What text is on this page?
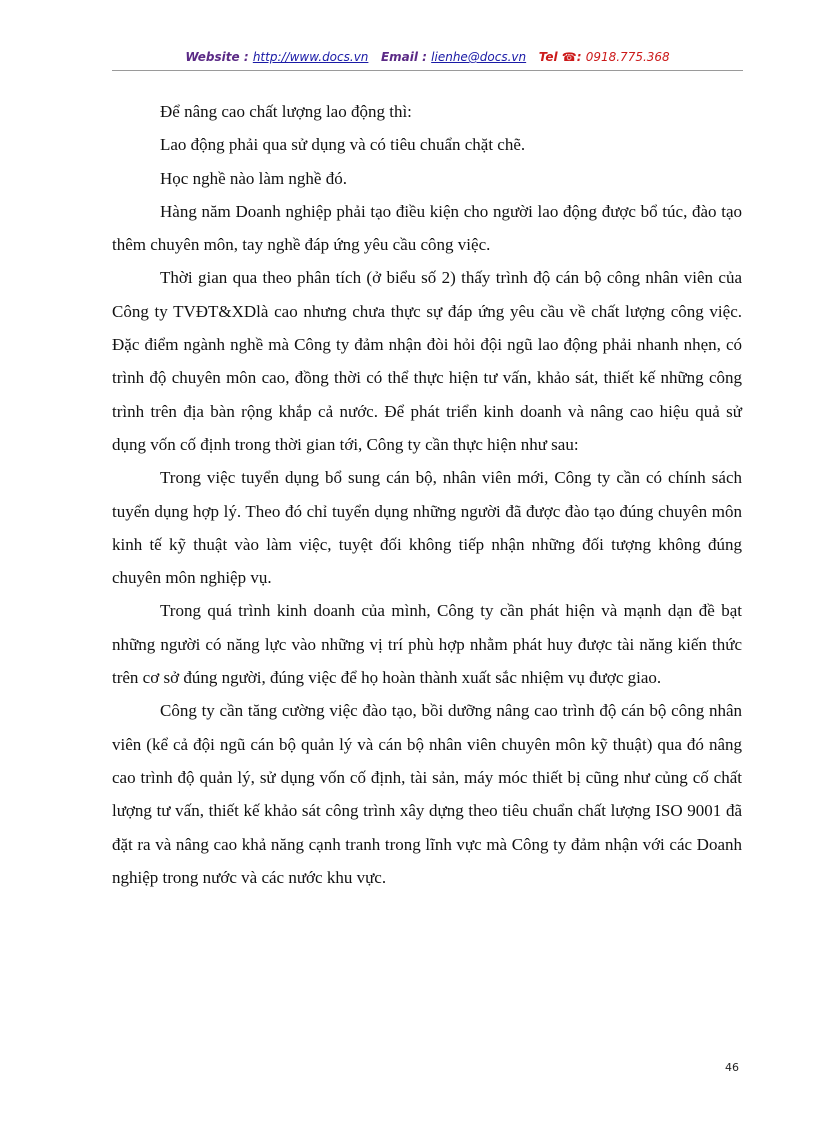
Website : http://www.docs.vn Email : lienhe@docs.vn Tel ☎: 0918.775.368

Để nâng cao chất lượng lao động thì:

Lao động phải qua sử dụng và có tiêu chuẩn chặt chẽ.

Học nghề nào làm nghề đó.

Hàng năm Doanh nghiệp phải tạo điều kiện cho người lao động được bổ túc, đào tạo thêm chuyên môn, tay nghề đáp ứng yêu cầu công việc.

Thời gian qua theo phân tích (ở biểu số 2) thấy trình độ cán bộ công nhân viên của Công ty TVĐT&XDlà cao nhưng chưa thực sự đáp ứng yêu cầu về chất lượng công việc. Đặc điểm ngành nghề mà Công ty đảm nhận đòi hỏi đội ngũ lao động phải nhanh nhẹn, có trình độ chuyên môn cao, đồng thời có thể thực hiện tư vấn, khảo sát, thiết kế những công trình trên địa bàn rộng khắp cả nước. Để phát triển kinh doanh và nâng cao hiệu quả sử dụng vốn cố định trong thời gian tới, Công ty cần thực hiện như sau:

Trong việc tuyển dụng bổ sung cán bộ, nhân viên mới, Công ty cần có chính sách tuyển dụng hợp lý. Theo đó chỉ tuyển dụng những người đã được đào tạo đúng chuyên môn kinh tế kỹ thuật vào làm việc, tuyệt đối không tiếp nhận những đối tượng không đúng chuyên môn nghiệp vụ.

Trong quá trình kinh doanh của mình, Công ty cần phát hiện và mạnh dạn đề bạt những người có năng lực vào những vị trí phù hợp nhằm phát huy được tài năng kiến thức trên cơ sở đúng người, đúng việc để họ hoàn thành xuất sắc nhiệm vụ được giao.

Công ty cần tăng cường việc đào tạo, bồi dưỡng nâng cao trình độ cán bộ công nhân viên (kể cả đội ngũ cán bộ quản lý và cán bộ nhân viên chuyên môn kỹ thuật) qua đó nâng cao trình độ quản lý, sử dụng vốn cố định, tài sản, máy móc thiết bị cũng như củng cố chất lượng tư vấn, thiết kế khảo sát công trình xây dựng theo tiêu chuẩn chất lượng ISO 9001 đã đặt ra và nâng cao khả năng cạnh tranh trong lĩnh vực mà Công ty đảm nhận với các Doanh nghiệp trong nước và các nước khu vực.

46
